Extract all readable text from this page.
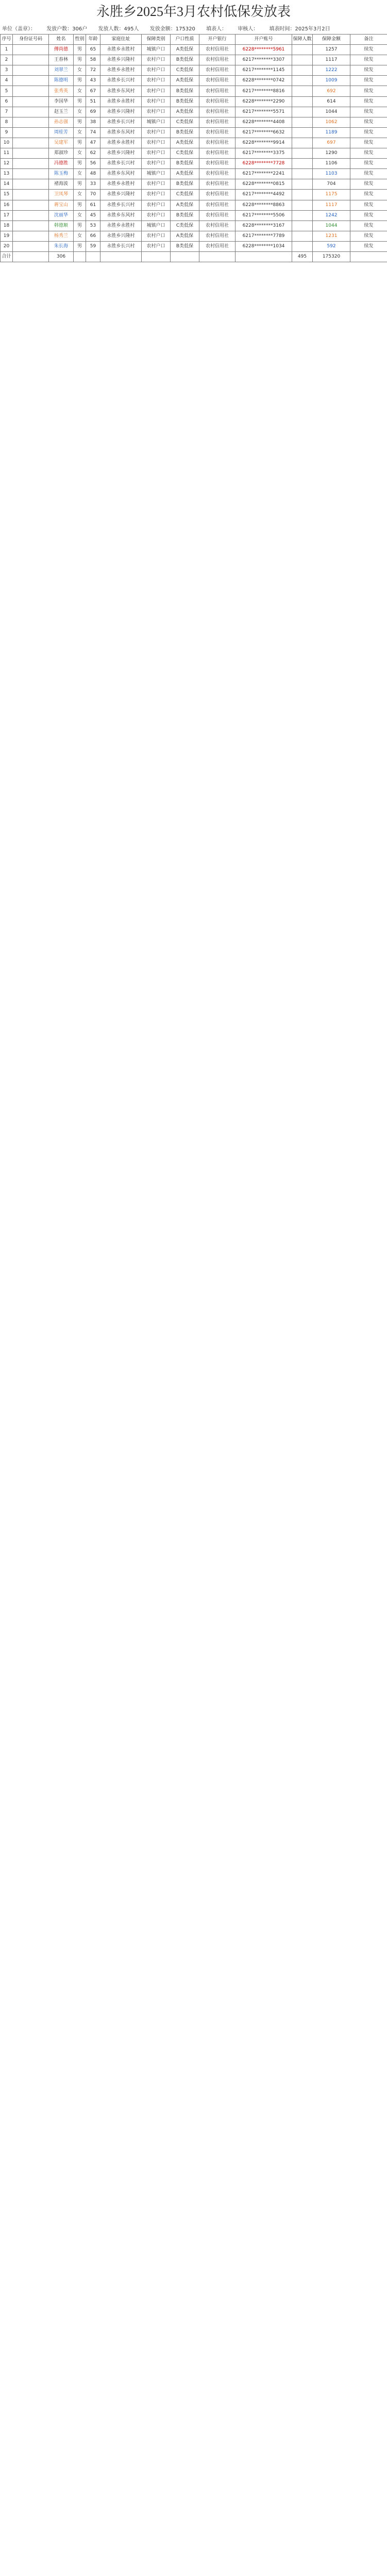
永胜乡2025年3月农村低保发放表
单位（盖章）： 发放户数：306户 发放人数：495人 发放金额：175320 填表人： 审核人： 填表时间：2025年3月2日
序号	身份证号码	姓名	性别	年龄	家庭住址	保障类别	户口性质	开户银行	开户账号	保障人数	保障金额	备注
1		傅尚德	男	65	永胜乡永胜村	城镇户口	A类低保	农村信用社	6228********5961		1257	续发
2		王春林	男	58	永胜乡兴隆村	农村户口	B类低保	农村信用社	6217********3307		1117	续发
3		刘翠兰	女	72	永胜乡永胜村	农村户口	C类低保	农村信用社	6217********1145		1222	续发
4		陈德明	男	43	永胜乡长兴村	农村户口	A类低保	农村信用社	6228********0742		1009	续发
5		张秀英	女	67	永胜乡东风村	农村户口	B类低保	农村信用社	6217********8816		692	续发
6		李国华	男	51	永胜乡永胜村	农村户口	B类低保	农村信用社	6228********2290		614	续发
7		赵玉兰	女	69	永胜乡兴隆村	农村户口	A类低保	农村信用社	6217********5571		1044	续发
8		孙志强	男	38	永胜乡长兴村	城镇户口	C类低保	农村信用社	6228********4408		1062	续发
9		周桂芳	女	74	永胜乡东风村	农村户口	B类低保	农村信用社	6217********6632		1189	续发
10		吴建军	男	47	永胜乡永胜村	农村户口	A类低保	农村信用社	6228********9914		697	续发
11		郑淑珍	女	62	永胜乡兴隆村	农村户口	C类低保	农村信用社	6217********3375		1290	续发
12		冯德胜	男	56	永胜乡长兴村	农村户口	B类低保	农村信用社	6228********7728		1106	续发
13		陈玉梅	女	48	永胜乡东风村	城镇户口	A类低保	农村信用社	6217********2241		1103	续发
14		褚海波	男	33	永胜乡永胜村	农村户口	B类低保	农村信用社	6228********0815		704	续发
15		卫凤琴	女	70	永胜乡兴隆村	农村户口	C类低保	农村信用社	6217********4492		1175	续发
16		蒋宝山	男	61	永胜乡长兴村	农村户口	A类低保	农村信用社	6228********8863		1117	续发
17		沈丽华	女	45	永胜乡东风村	农村户口	B类低保	农村信用社	6217********5506		1242	续发
18		韩德顺	男	53	永胜乡永胜村	城镇户口	C类低保	农村信用社	6228********3167		1044	续发
19		杨秀兰	女	66	永胜乡兴隆村	农村户口	A类低保	农村信用社	6217********7789		1231	续发
20		朱长海	男	59	永胜乡长兴村	农村户口	B类低保	农村信用社	6228********1034		592	续发
合计		306								495	175320	
